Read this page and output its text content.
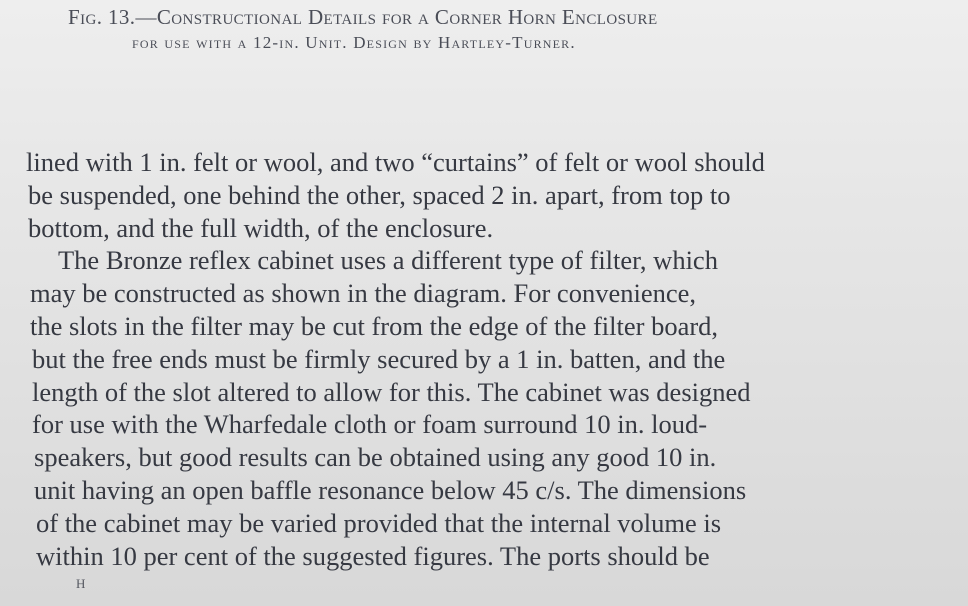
Fig. 13.—Constructional Details for a Corner Horn Enclosure
for use with a 12-in. Unit. Design by Hartley-Turner.
lined with 1 in. felt or wool, and two “curtains” of felt or wool should
be suspended, one behind the other, spaced 2 in. apart, from top to
bottom, and the full width, of the enclosure.
The Bronze reflex cabinet uses a different type of filter, which
may be constructed as shown in the diagram. For convenience,
the slots in the filter may be cut from the edge of the filter board,
but the free ends must be firmly secured by a 1 in. batten, and the
length of the slot altered to allow for this. The cabinet was designed
for use with the Wharfedale cloth or foam surround 10 in. loud-
speakers, but good results can be obtained using any good 10 in.
unit having an open baffle resonance below 45 c/s. The dimensions
of the cabinet may be varied provided that the internal volume is
within 10 per cent of the suggested figures. The ports should be
H
